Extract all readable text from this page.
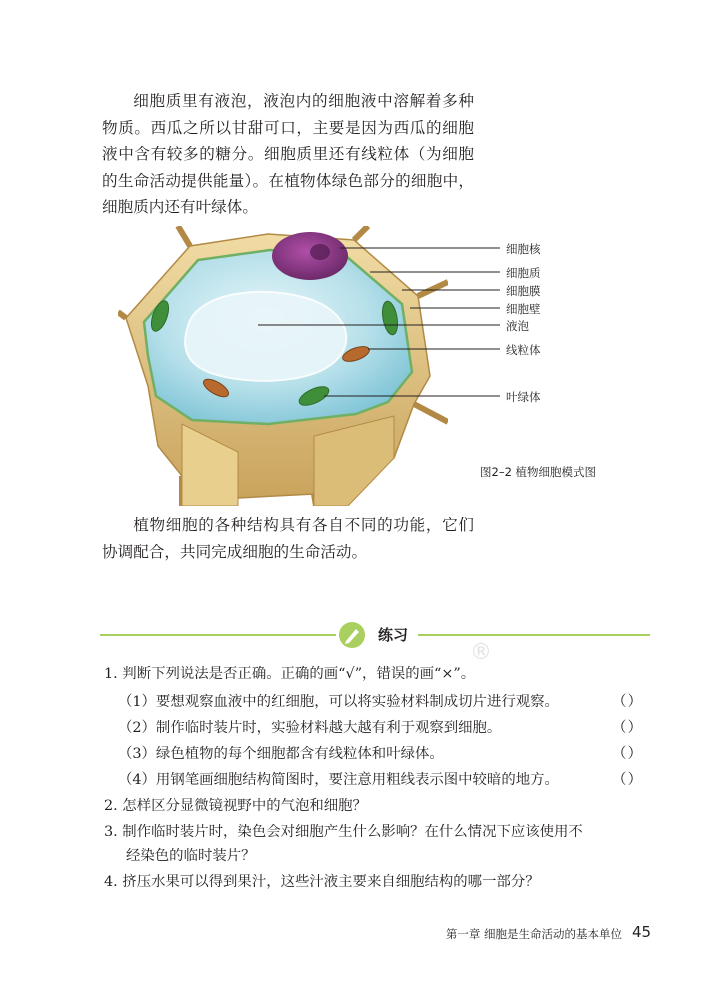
细胞质里有液泡，液泡内的细胞液中溶解着多种物质。西瓜之所以甘甜可口，主要是因为西瓜的细胞液中含有较多的糖分。细胞质里还有线粒体（为细胞的生命活动提供能量）。在植物体绿色部分的细胞中，细胞质内还有叶绿体。

细胞核
细胞质
细胞膜
细胞壁
液泡
线粒体
叶绿体
图2–2 植物细胞模式图

植物细胞的各种结构具有各自不同的功能，它们协调配合，共同完成细胞的生命活动。

®
练习

1. 判断下列说法是否正确。正确的画“√”，错误的画“×”。

（1）要想观察血液中的红细胞，可以将实验材料制成切片进行观察。	（ ）

（2）制作临时装片时，实验材料越大越有利于观察到细胞。	（ ）

（3）绿色植物的每个细胞都含有线粒体和叶绿体。	（ ）

（4）用钢笔画细胞结构简图时，要注意用粗线表示图中较暗的地方。	（ ）

2. 怎样区分显微镜视野中的气泡和细胞？

3. 制作临时装片时，染色会对细胞产生什么影响？在什么情况下应该使用不

经染色的临时装片？

4. 挤压水果可以得到果汁，这些汁液主要来自细胞结构的哪一部分？

第一章 细胞是生命活动的基本单位 45
